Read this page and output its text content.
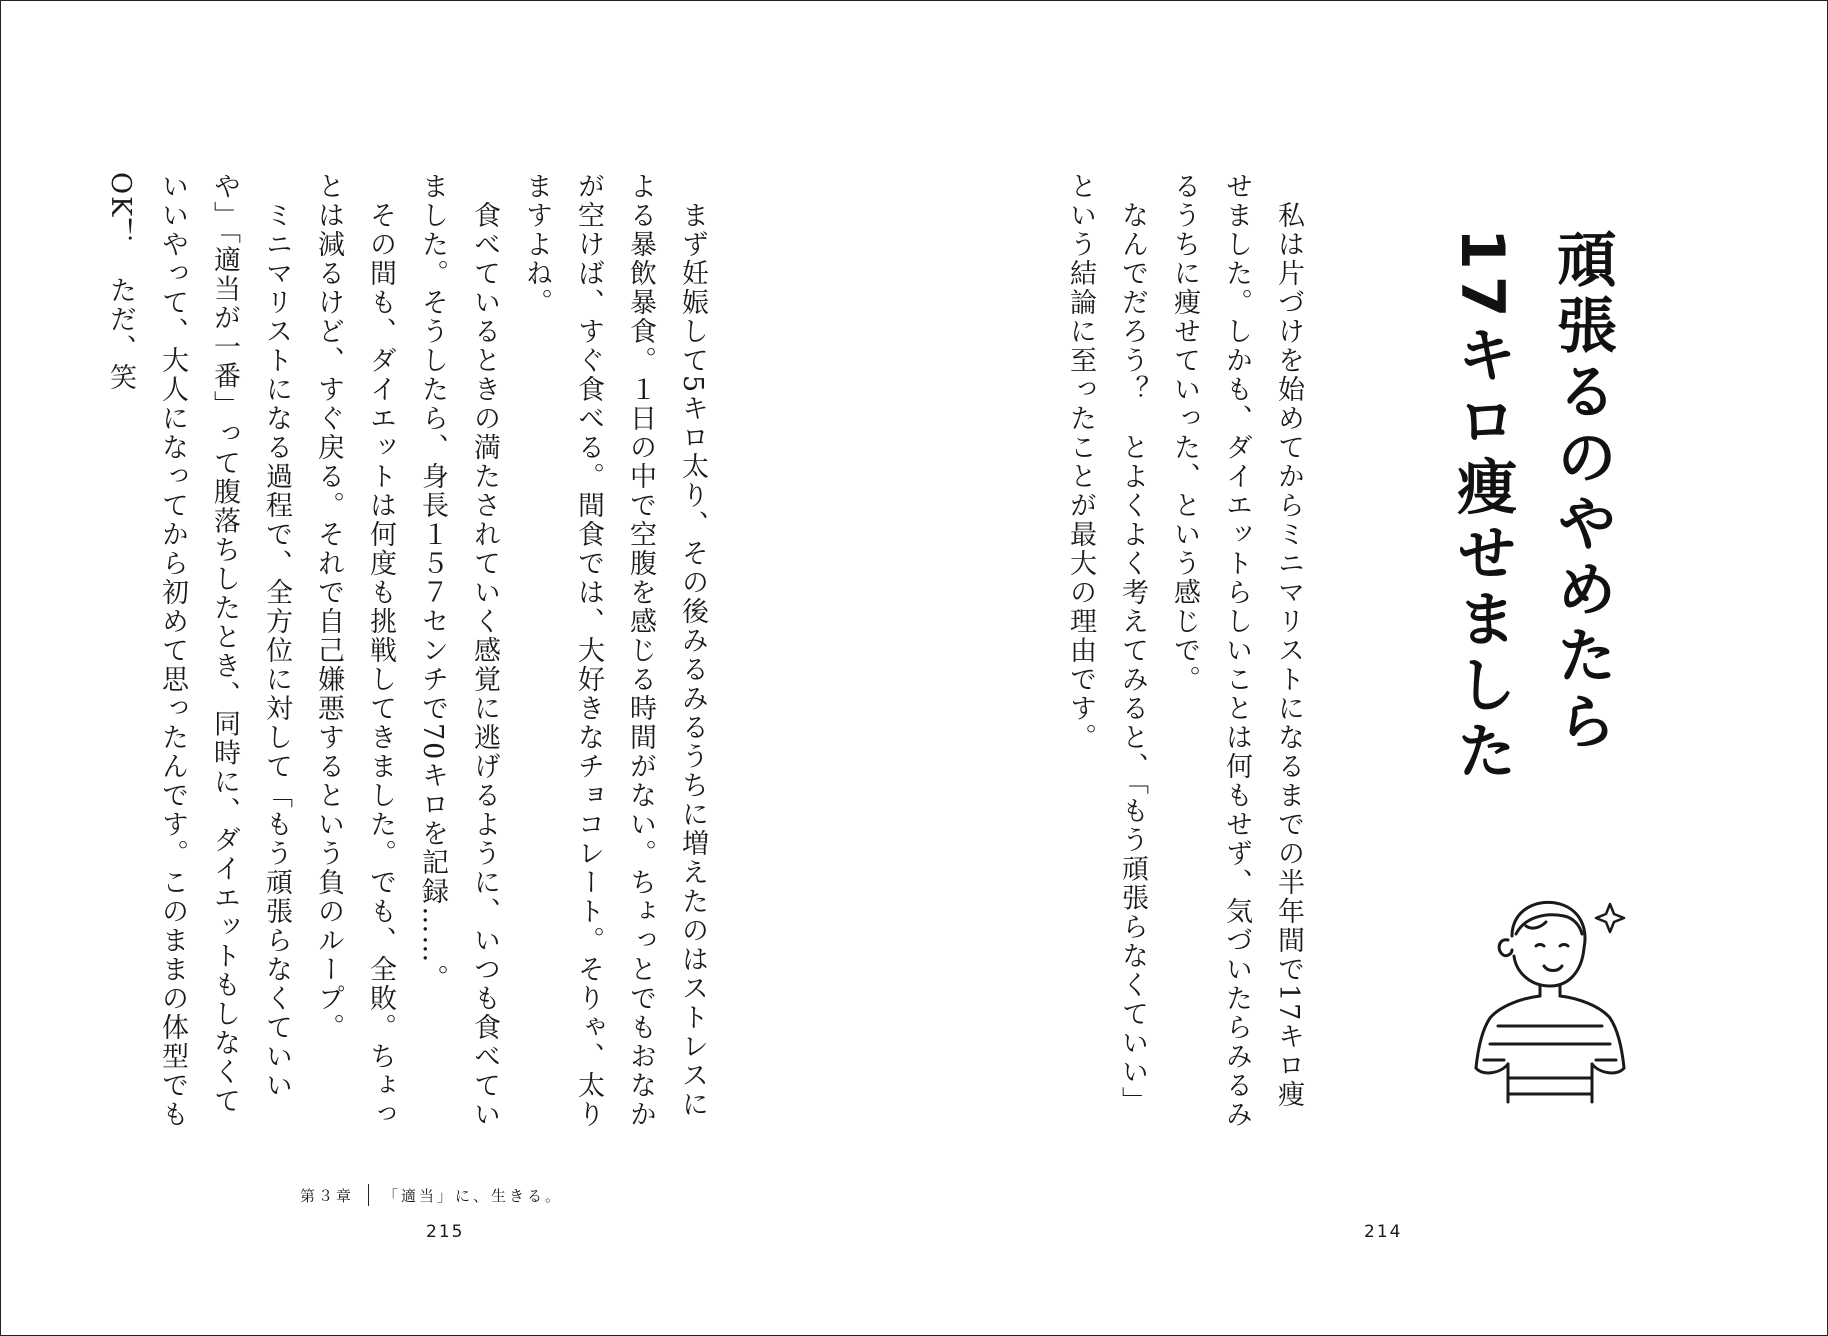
頑張るのやめたら
17キロ痩せました

　私は片づけを始めてからミニマリストになるまでの半年間で17キロ痩せました。しかも、ダイエットらしいことは何もせず、気づいたらみるみるうちに痩せていった、という感じで。

　なんでだろう？　とよくよく考えてみると、「もう頑張らなくていい」という結論に至ったことが最大の理由です。

　まず妊娠して5キロ太り、その後みるみるうちに増えたのはストレスによる暴飲暴食。１日の中で空腹を感じる時間がない。ちょっとでもおなかが空けば、すぐ食べる。間食では、大好きなチョコレート。そりゃ、太りますよね。

　食べているときの満たされていく感覚に逃げるように、いつも食べていました。そうしたら、身長１５７センチで70キロを記録……。

　その間も、ダイエットは何度も挑戦してきました。でも、全敗。ちょっとは減るけど、すぐ戻る。それで自己嫌悪するという負のループ。

　ミニマリストになる過程で、全方位に対して「もう頑張らなくていいや」「適当が一番」って腹落ちしたとき、同時に、ダイエットもしなくていいやって、大人になってから初めて思ったんです。このままの体型でもOK！　ただ、笑

第３章 「適当」に、生きる。
215	214
